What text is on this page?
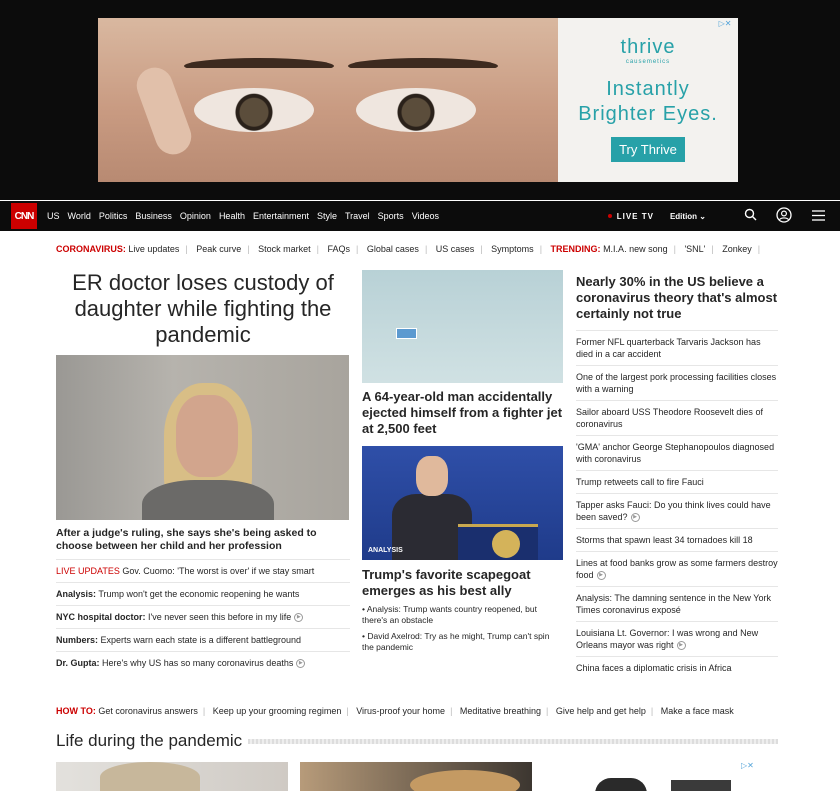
thrive
causemetics
Instantly
Brighter Eyes.
Try Thrive
▷✕
CNN	US World Politics Business Opinion Health Entertainment Style Travel Sports Videos	LIVE TV Edition ⌄
CORONAVIRUS: Live updates | Peak curve | Stock market | FAQs | Global cases | US cases | Symptoms | TRENDING: M.I.A. new song | 'SNL' | Zonkey |
ER doctor loses custody of daughter while fighting the pandemic
After a judge's ruling, she says she's being asked to choose between her child and her profession
LIVE UPDATES Gov. Cuomo: 'The worst is over' if we stay smart
Analysis: Trump won't get the economic reopening he wants
NYC hospital doctor: I've never seen this before in my life ▶
Numbers: Experts warn each state is a different battleground
Dr. Gupta: Here's why US has so many coronavirus deaths ▶
A 64-year-old man accidentally ejected himself from a fighter jet at 2,500 feet
ANALYSIS
Trump's favorite scapegoat emerges as his best ally
• Analysis: Trump wants country reopened, but there's an obstacle
• David Axelrod: Try as he might, Trump can't spin the pandemic
Nearly 30% in the US believe a coronavirus theory that's almost certainly not true
Former NFL quarterback Tarvaris Jackson has died in a car accident
One of the largest pork processing facilities closes with a warning
Sailor aboard USS Theodore Roosevelt dies of coronavirus
'GMA' anchor George Stephanopoulos diagnosed with coronavirus
Trump retweets call to fire Fauci
Tapper asks Fauci: Do you think lives could have been saved? ▶
Storms that spawn least 34 tornadoes kill 18
Lines at food banks grow as some farmers destroy food ▶
Analysis: The damning sentence in the New York Times coronavirus exposé
Louisiana Lt. Governor: I was wrong and New Orleans mayor was right ▶
China faces a diplomatic crisis in Africa
HOW TO: Get coronavirus answers | Keep up your grooming regimen | Virus-proof your home | Meditative breathing | Give help and get help | Make a face mask
Life during the pandemic
▷✕
